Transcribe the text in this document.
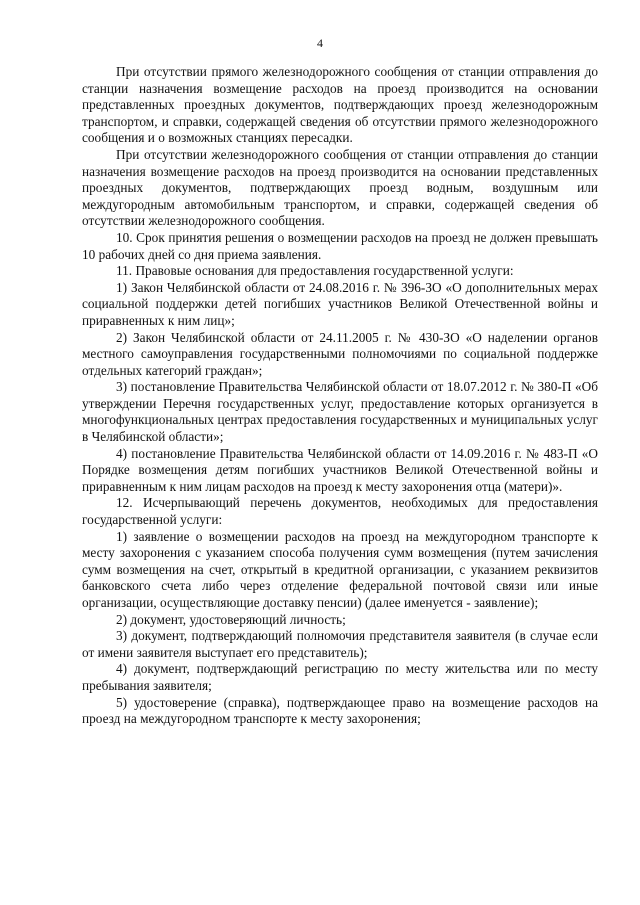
4

При отсутствии прямого железнодорожного сообщения от станции отправления до станции назначения возмещение расходов на проезд производится на основании представленных проездных документов, подтверждающих проезд железнодорожным транспортом, и справки, содержащей сведения об отсутствии прямого железнодорожного сообщения и о возможных станциях пересадки.

При отсутствии железнодорожного сообщения от станции отправления до станции назначения возмещение расходов на проезд производится на основании представленных проездных документов, подтверждающих проезд водным, воздушным или междугородным автомобильным транспортом, и справки, содержащей сведения об отсутствии железнодорожного сообщения.

10. Срок принятия решения о возмещении расходов на проезд не должен превышать 10 рабочих дней со дня приема заявления.

11. Правовые основания для предоставления государственной услуги:

1) Закон Челябинской области от 24.08.2016 г. № 396-ЗО «О дополнительных мерах социальной поддержки детей погибших участников Великой Отечественной войны и приравненных к ним лиц»;

2) Закон Челябинской области от 24.11.2005 г. № 430-ЗО «О наделении органов местного самоуправления государственными полномочиями по социальной поддержке отдельных категорий граждан»;

3) постановление Правительства Челябинской области от 18.07.2012 г. № 380-П «Об утверждении Перечня государственных услуг, предоставление которых организуется в многофункциональных центрах предоставления государственных и муниципальных услуг в Челябинской области»;

4) постановление Правительства Челябинской области от 14.09.2016 г. № 483-П «О Порядке возмещения детям погибших участников Великой Отечественной войны и приравненным к ним лицам расходов на проезд к месту захоронения отца (матери)».

12. Исчерпывающий перечень документов, необходимых для предоставления государственной услуги:

1) заявление о возмещении расходов на проезд на междугородном транспорте к месту захоронения с указанием способа получения сумм возмещения (путем зачисления сумм возмещения на счет, открытый в кредитной организации, с указанием реквизитов банковского счета либо через отделение федеральной почтовой связи или иные организации, осуществляющие доставку пенсии) (далее именуется - заявление);

2) документ, удостоверяющий личность;

3) документ, подтверждающий полномочия представителя заявителя (в случае если от имени заявителя выступает его представитель);

4) документ, подтверждающий регистрацию по месту жительства или по месту пребывания заявителя;

5) удостоверение (справка), подтверждающее право на возмещение расходов на проезд на междугородном транспорте к месту захоронения;
